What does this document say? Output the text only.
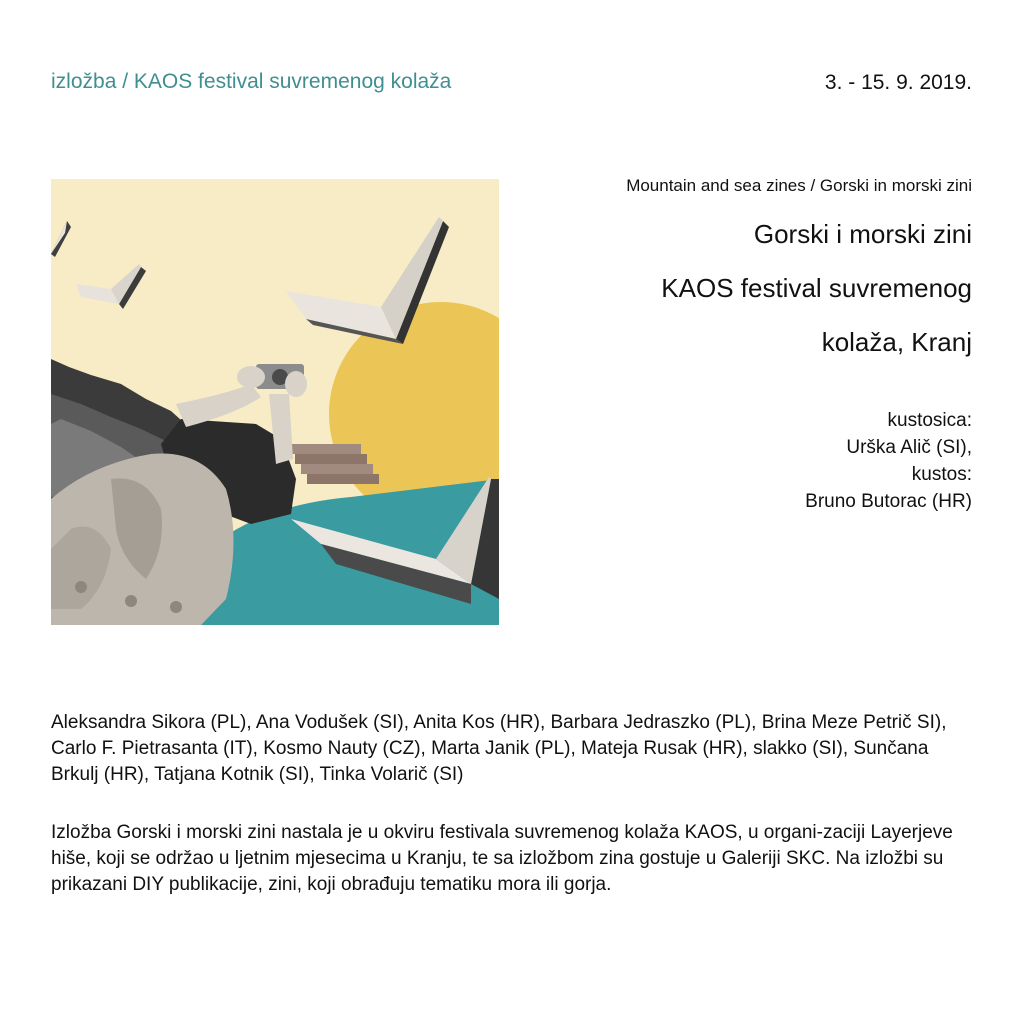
izložba / KAOS festival suvremenog kolaža	3. - 15. 9. 2019.
Mountain and sea zines / Gorski in morski zini
Gorski i morski zini
KAOS festival suvremenog
kolaža, Kranj
kustosica:
Urška Alič (SI),
kustos:
Bruno Butorac (HR)
Aleksandra Sikora (PL), Ana Vodušek (SI), Anita Kos (HR), Barbara Jedraszko (PL), Brina Meze Petrič SI), Carlo F. Pietrasanta (IT), Kosmo Nauty (CZ), Marta Janik (PL), Mateja Rusak (HR), slakko (SI), Sunčana Brkulj (HR), Tatjana Kotnik (SI), Tinka Volarič (SI)
Izložba Gorski i morski zini nastala je u okviru festivala suvremenog kolaža KAOS, u organi-zaciji Layerjeve hiše, koji se održao u ljetnim mjesecima u Kranju, te sa izložbom zina gostuje u Galeriji SKC. Na izložbi su prikazani DIY publikacije, zini, koji obrađuju tematiku mora ili gorja.
